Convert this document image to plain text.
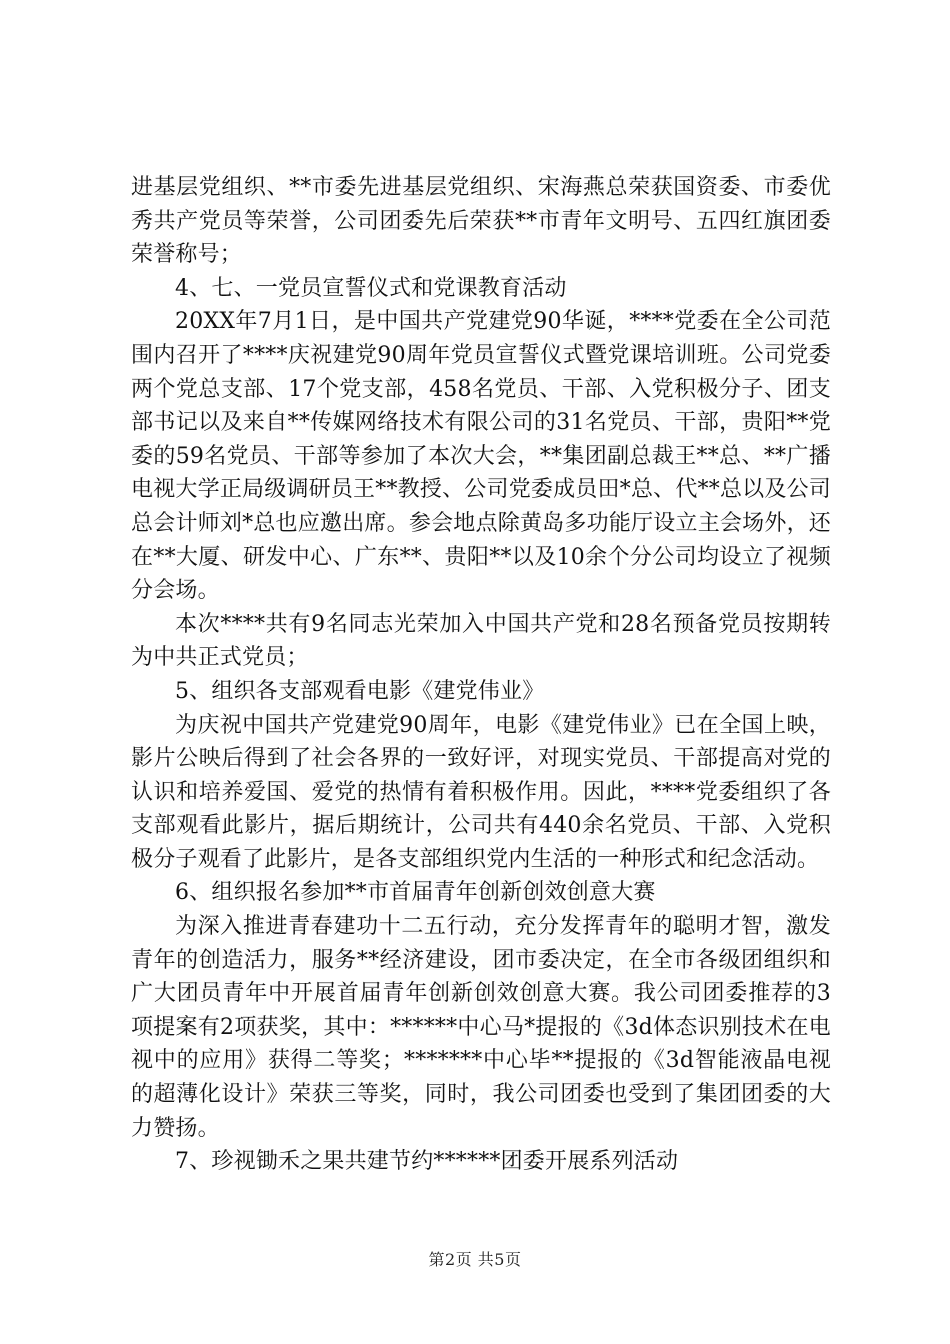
进基层党组织、**市委先进基层党组织、宋海燕总荣获国资委、市委优秀共产党员等荣誉，公司团委先后荣获**市青年文明号、五四红旗团委荣誉称号；

4、七、一党员宣誓仪式和党课教育活动

20XX年7月1日，是中国共产党建党90华诞，****党委在全公司范围内召开了****庆祝建党90周年党员宣誓仪式暨党课培训班。公司党委两个党总支部、17个党支部，458名党员、干部、入党积极分子、团支部书记以及来自**传媒网络技术有限公司的31名党员、干部，贵阳**党委的59名党员、干部等参加了本次大会，**集团副总裁王**总、**广播电视大学正局级调研员王**教授、公司党委成员田*总、代**总以及公司总会计师刘*总也应邀出席。参会地点除黄岛多功能厅设立主会场外，还在**大厦、研发中心、广东**、贵阳**以及10余个分公司均设立了视频分会场。

本次****共有9名同志光荣加入中国共产党和28名预备党员按期转为中共正式党员；

5、组织各支部观看电影《建党伟业》

为庆祝中国共产党建党90周年，电影《建党伟业》已在全国上映，影片公映后得到了社会各界的一致好评，对现实党员、干部提高对党的认识和培养爱国、爱党的热情有着积极作用。因此，****党委组织了各支部观看此影片，据后期统计，公司共有440余名党员、干部、入党积极分子观看了此影片，是各支部组织党内生活的一种形式和纪念活动。

6、组织报名参加**市首届青年创新创效创意大赛

为深入推进青春建功十二五行动，充分发挥青年的聪明才智，激发青年的创造活力，服务**经济建设，团市委决定，在全市各级团组织和广大团员青年中开展首届青年创新创效创意大赛。我公司团委推荐的3项提案有2项获奖，其中：******中心马*提报的《3d体态识别技术在电视中的应用》获得二等奖；*******中心毕**提报的《3d智能液晶电视的超薄化设计》荣获三等奖，同时，我公司团委也受到了集团团委的大力赞扬。

7、珍视锄禾之果共建节约******团委开展系列活动

第2页 共5页
